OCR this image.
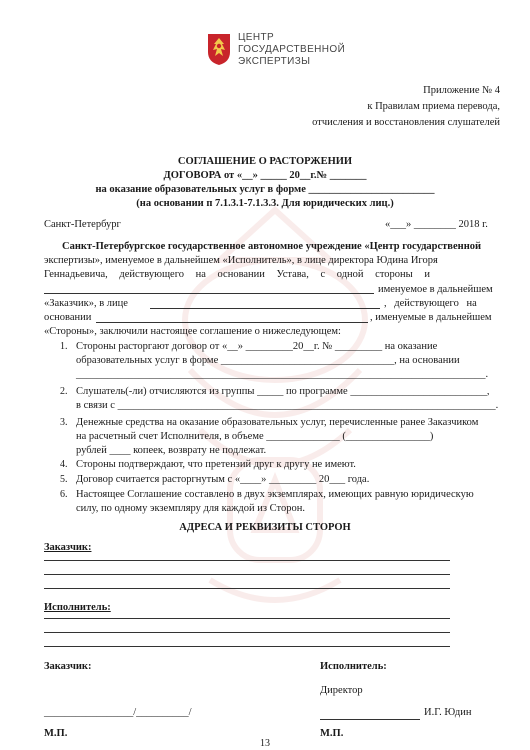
ЦЕНТР
ГОСУДАРСТВЕННОЙ
ЭКСПЕРТИЗЫ
Приложение № 4
к Правилам приема перевода,
отчисления и восстановления слушателей
СОГЛАШЕНИЕ О РАСТОРЖЕНИИ
ДОГОВОРА от «__» _____ 20__г.№ _______
на оказание образовательных услуг в форме ________________________
(на основании п 7.1.3.1-7.1.3.3. Для юридических лиц.)
Санкт-Петербург	«___» ________ 2018 г.
Санкт-Петербургское государственное автономное учреждение «Центр государственной
экспертизы», именуемое в дальнейшем «Исполнитель», в лице директора Юдина Игоря
Геннадьевича, действующего на основании Устава, с одной стороны и
именуемое в дальнейшем
«Заказчик», в лице	, действующего на
основании	, именуемые в дальнейшем
«Стороны», заключили настоящее соглашение о нижеследующем:
1. Стороны расторгают договор от «__» _________20__г. № _________ на оказание
образовательных услуг в форме _________________________________, на основании
______________________________________________________________________________.
2. Слушатель(-ли) отчисляются из группы _____ по программе __________________________,
в связи с ________________________________________________________________________.
3. Денежные средства на оказание образовательных услуг, перечисленные ранее Заказчиком
на расчетный счет Исполнителя, в объеме ______________ (________________)
рублей ____ копеек, возврату не подлежат.
4. Стороны подтверждают, что претензий друг к другу не имеют.
5. Договор считается расторгнутым с «____» _________ 20___ года.
6. Настоящее Соглашение составлено в двух экземплярах, имеющих равную юридическую
силу, по одному экземпляру для каждой из Сторон.
АДРЕСА И РЕКВИЗИТЫ СТОРОН
Заказчик:
Исполнитель:
Заказчик:	Исполнитель:
Директор
_________________/__________/	И.Г. Юдин
М.П.	М.П.
13
